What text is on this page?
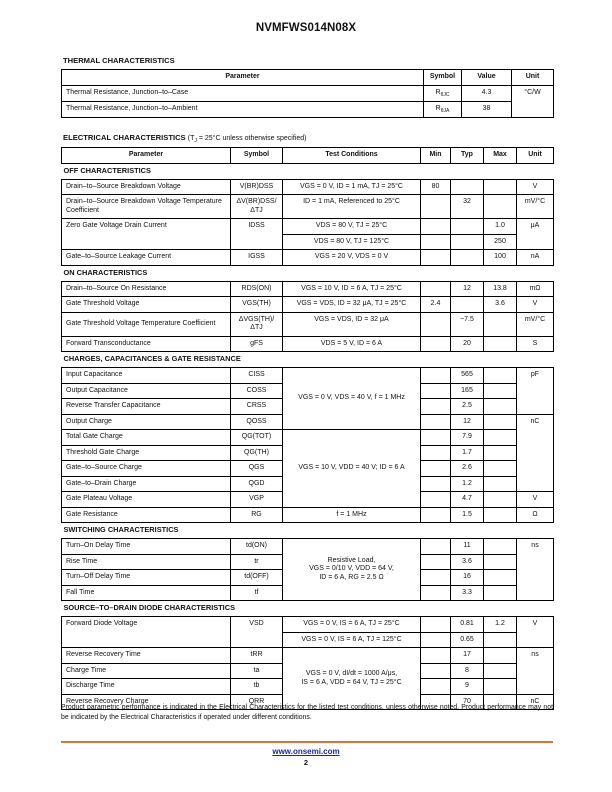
NVMFWS014N08X
THERMAL CHARACTERISTICS
Parameter	Symbol	Value	Unit
Thermal Resistance, Junction–to–Case	$R_{\theta JC}$	4.3	°C/W
Thermal Resistance, Junction–to–Ambient	$R_{\theta JA}$	38	
ELECTRICAL CHARACTERISTICS ($T_J = 25^\circ C$ unless otherwise specified)
Parameter	Symbol	Test Conditions	Min	Typ	Max	Unit
OFF CHARACTERISTICS						
Drain–to–Source Breakdown Voltage	V(BR)DSS	VGS = 0 V, ID = 1 mA, TJ = 25°C	80			V
Drain–to–Source Breakdown Voltage Temperature Coefficient	ΔV(BR)DSS/ΔTJ	ID = 1 mA, Referenced to 25°C		32		mV/°C
Zero Gate Voltage Drain Current	IDSS	VDS = 80 V, TJ = 25°C			1.0	μA
		VDS = 80 V, TJ = 125°C			250	
Gate–to–Source Leakage Current	IGSS	VGS = 20 V, VDS = 0 V			100	nA
ON CHARACTERISTICS						
Drain–to–Source On Resistance	RDS(ON)	VGS = 10 V, ID = 6 A, TJ = 25°C		12	13.8	mΩ
Gate Threshold Voltage	VGS(TH)	VGS = VDS, ID = 32 μA, TJ = 25°C	2.4		3.6	V
Gate Threshold Voltage Temperature Coefficient	ΔVGS(TH)/ΔTJ	VGS = VDS, ID = 32 μA		−7.5		mV/°C
Forward Transconductance	gFS	VDS = 5 V, ID = 6 A		20		S
CHARGES, CAPACITANCES & GATE RESISTANCE						
Input Capacitance	CISS	VGS = 0 V, VDS = 40 V, f = 1 MHz		565		pF
Output Capacitance	COSS			165		
Reverse Transfer Capacitance	CRSS			2.5		
Output Charge	QOSS			12		nC
Total Gate Charge	QG(TOT)	VGS = 10 V, VDD = 40 V; ID = 6 A		7.9		
Threshold Gate Charge	QG(TH)			1.7		
Gate–to–Source Charge	QGS			2.6		
Gate–to–Drain Charge	QGD			1.2		
Gate Plateau Voltage	VGP			4.7		V
Gate Resistance	RG	f = 1 MHz		1.5		Ω
SWITCHING CHARACTERISTICS						
Turn–On Delay Time	td(ON)	Resistive Load,
VGS = 0/10 V, VDD = 64 V,
ID = 6 A, RG = 2.5 Ω		11		ns
Rise Time	tr			3.6		
Turn–Off Delay Time	td(OFF)			16		
Fall Time	tf			3.3		
SOURCE–TO–DRAIN DIODE CHARACTERISTICS						
Forward Diode Voltage	VSD	VGS = 0 V, IS = 6 A, TJ = 25°C		0.81	1.2	V
		VGS = 0 V, IS = 6 A, TJ = 125°C		0.65		
Reverse Recovery Time	tRR	VGS = 0 V, dI/dt = 1000 A/μs,
IS = 6 A, VDD = 64 V, TJ = 25°C		17		ns
Charge Time	ta			8		
Discharge Time	tb			9		
Reverse Recovery Charge	QRR			70		nC
Product parametric performance is indicated in the Electrical Characteristics for the listed test conditions, unless otherwise noted. Product performance may not be indicated by the Electrical Characteristics if operated under different conditions.
www.onsemi.com
2
